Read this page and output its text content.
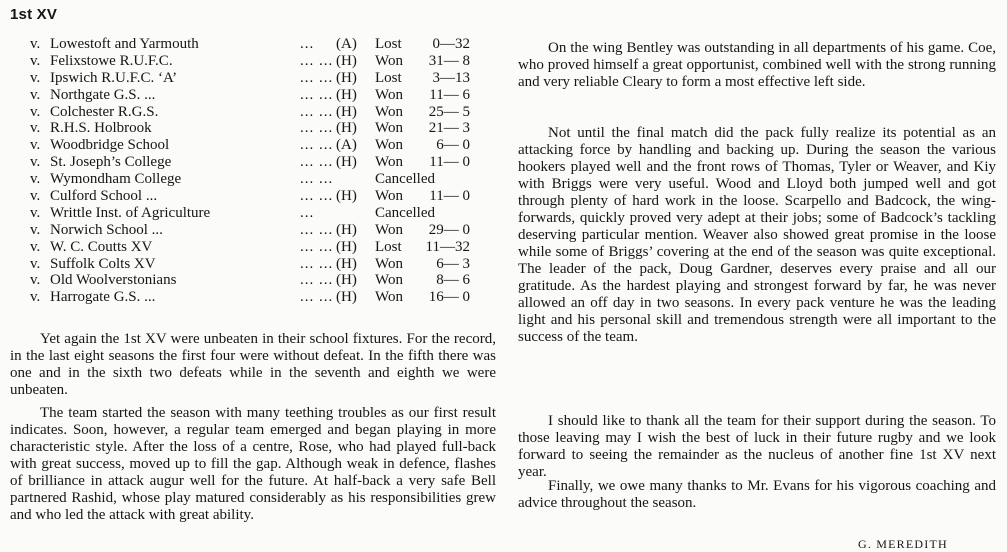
1st XV
v. Lowestoft and Yarmouth	... (A) Lost 0—32
v. Felixstowe R.U.F.C.	... ... (H) Won 31— 8
v. Ipswich R.U.F.C. ‘A’	... ... (H) Lost 3—13
v. Northgate G.S. ...	... ... (H) Won 11— 6
v. Colchester R.G.S.	... ... (H) Won 25— 5
v. R.H.S. Holbrook	... ... (H) Won 21— 3
v. Woodbridge School	... ... (A) Won 6— 0
v. St. Joseph’s College	... ... (H) Won 11— 0
v. Wymondham College	... ...	Cancelled
v. Culford School ...	... ... (H) Won 11— 0
v. Writtle Inst. of Agriculture	...	Cancelled
v. Norwich School ...	... ... (H) Won 29— 0
v. W. C. Coutts XV	... ... (H) Lost 11—32
v. Suffolk Colts XV	... ... (H) Won 6— 3
v. Old Woolverstonians	... ... (H) Won 8— 6
v. Harrogate G.S. ...	... ... (H) Won 16— 0

Yet again the 1st XV were unbeaten in their school fixtures. For the record, in the last eight seasons the first four were without defeat. In the fifth there was one and in the sixth two defeats while in the seventh and eighth we were unbeaten.

The team started the season with many teething troubles as our first result indicates. Soon, however, a regular team emerged and began playing in more characteristic style. After the loss of a centre, Rose, who had played full-back with great success, moved up to fill the gap. Although weak in defence, flashes of brilliance in attack augur well for the future. At half-back a very safe Bell partnered Rashid, whose play matured considerably as his responsibilities grew and who led the attack with great ability.

On the wing Bentley was outstanding in all departments of his game. Coe, who proved himself a great opportunist, combined well with the strong running and very reliable Cleary to form a most effective left side.

Not until the final match did the pack fully realize its potential as an attacking force by handling and backing up. During the season the various hookers played well and the front rows of Thomas, Tyler or Weaver, and Kiy with Briggs were very useful. Wood and Lloyd both jumped well and got through plenty of hard work in the loose. Scarpello and Badcock, the wing-forwards, quickly proved very adept at their jobs; some of Badcock’s tackling deserving particular mention. Weaver also showed great promise in the loose while some of Briggs’ covering at the end of the season was quite exceptional. The leader of the pack, Doug Gardner, deserves every praise and all our gratitude. As the hardest playing and strongest forward by far, he was never allowed an off day in two seasons. In every pack venture he was the leading light and his personal skill and tremendous strength were all important to the success of the team.

I should like to thank all the team for their support during the season. To those leaving may I wish the best of luck in their future rugby and we look forward to seeing the remainder as the nucleus of another fine 1st XV next year.

Finally, we owe many thanks to Mr. Evans for his vigorous coaching and advice throughout the season.

G. MEREDITH
